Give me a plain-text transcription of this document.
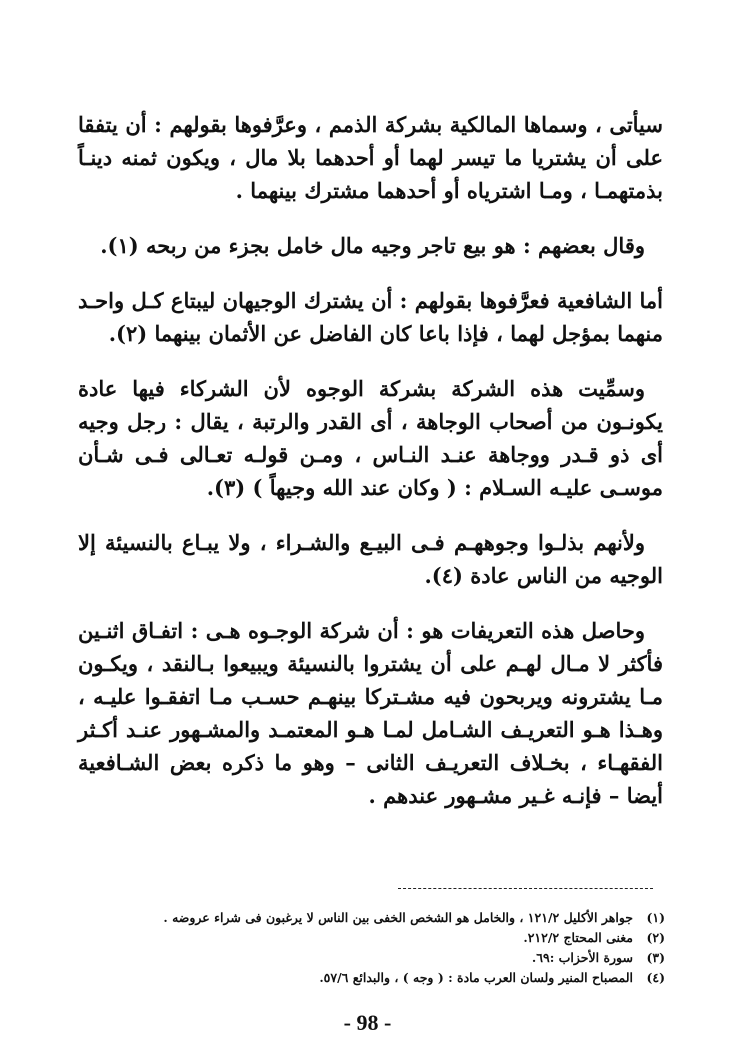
سيأتى ، وسماها المالكية بشركة الذمم ، وعرَّفوها بقولهم : أن يتفقا على أن يشتريا ما تيسر لهما أو أحدهما بلا مال ، ويكون ثمنه دينـاً بذمتهمـا ، ومـا اشترياه أو أحدهما مشترك بينهما .

وقال بعضهم : هو بيع تاجر وجيه مال خامل بجزء من ربحه (١).

أما الشافعية فعرَّفوها بقولهم : أن يشترك الوجيهان ليبتاع كـل واحـد منهما بمؤجل لهما ، فإذا باعا كان الفاضل عن الأثمان بينهما (٢).

وسمِّيت هذه الشركة بشركة الوجوه لأن الشركاء فيها عادة يكونـون من أصحاب الوجاهة ، أى القدر والرتبة ، يقال : رجل وجيه أى ذو قـدر ووجاهة عنـد النـاس ، ومـن قولـه تعـالى فـى شـأن موسـى عليـه السـلام : ( وكان عند الله وجيهاً ) (٣).

ولأنهم بذلـوا وجوههـم فـى البيـع والشـراء ، ولا يبـاع بالنسيئة إلا الوجيه من الناس عادة (٤).

وحاصل هذه التعريفات هو : أن شركة الوجـوه هـى : اتفـاق اثنـين فأكثر لا مـال لهـم على أن يشتروا بالنسيئة ويبيعوا بـالنقد ، ويكـون مـا يشترونه ويربحون فيه مشـتركا بينهـم حسـب مـا اتفقـوا عليـه ، وهـذا هـو التعريـف الشـامل لمـا هـو المعتمـد والمشـهور عنـد أكـثر الفقهـاء ، بخـلاف التعريـف الثانى – وهو ما ذكره بعض الشـافعية أيضا – فإنـه غـير مشـهور عندهم .

(١)
جواهر الأكليل ١٢١/٢ ، والخامل هو الشخص الخفى بين الناس لا يرغبون فى شراء عروضه .
(٢)
مغنى المحتاج ٢١٢/٢.
(٣)
سورة الأحزاب :٦٩.
(٤)
المصباح المنير ولسان العرب مادة : ( وجه ) ، والبدائع ٥٧/٦.
- 98 -
